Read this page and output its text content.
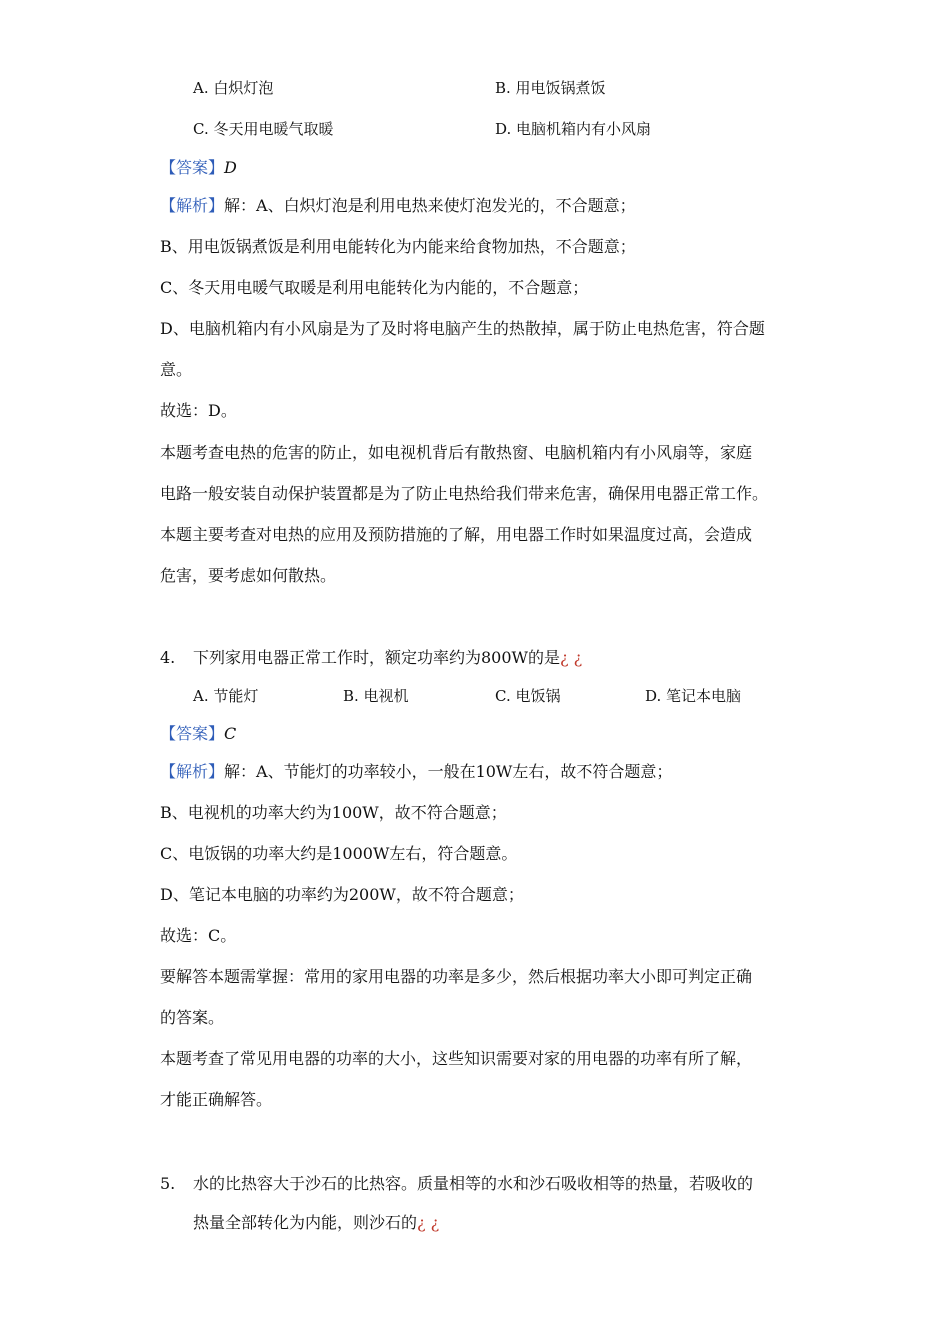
A. 白炽灯泡	B. 用电饭锅煮饭
C. 冬天用电暖气取暖	D. 电脑机箱内有小风扇
【答案】D
【解析】解：A、白炽灯泡是利用电热来使灯泡发光的，不合题意；
B、用电饭锅煮饭是利用电能转化为内能来给食物加热，不合题意；
C、冬天用电暖气取暖是利用电能转化为内能的，不合题意；
D、电脑机箱内有小风扇是为了及时将电脑产生的热散掉，属于防止电热危害，符合题
意。
故选：D。
本题考查电热的危害的防止，如电视机背后有散热窗、电脑机箱内有小风扇等，家庭
电路一般安装自动保护装置都是为了防止电热给我们带来危害，确保用电器正常工作。
本题主要考查对电热的应用及预防措施的了解，用电器工作时如果温度过高，会造成
危害，要考虑如何散热。
4. 下列家用电器正常工作时，额定功率约为800W的是¿ ¿
A. 节能灯	B. 电视机	C. 电饭锅	D. 笔记本电脑
【答案】C
【解析】解：A、节能灯的功率较小，一般在10W左右，故不符合题意；
B、电视机的功率大约为100W，故不符合题意；
C、电饭锅的功率大约是1000W左右，符合题意。
D、笔记本电脑的功率约为200W，故不符合题意；
故选：C。
要解答本题需掌握：常用的家用电器的功率是多少，然后根据功率大小即可判定正确
的答案。
本题考查了常见用电器的功率的大小，这些知识需要对家的用电器的功率有所了解，
才能正确解答。
5. 水的比热容大于沙石的比热容。质量相等的水和沙石吸收相等的热量，若吸收的
热量全部转化为内能，则沙石的¿ ¿
